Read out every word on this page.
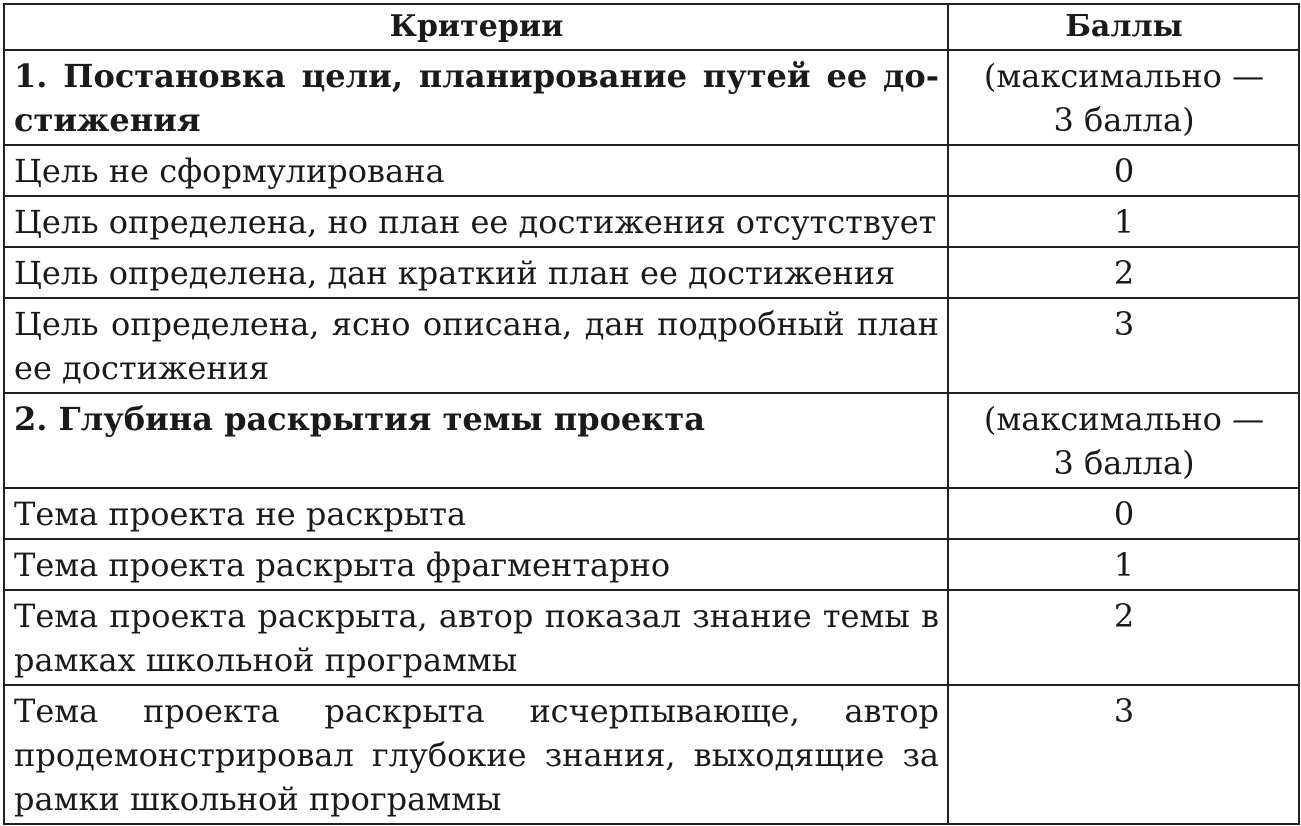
Критерии	Баллы
1. Постановка цели, планирование путей ее достижения	(максимально —
3 балла)

Цель не сформулирована	0
Цель определена, но план ее достижения отсутствует	1
Цель определена, дан краткий план ее достижения	2
Цель определена, ясно описана, дан подробный план ее достижения	3
2. Глубина раскрытия темы проекта	(максимально —
3 балла)

Тема проекта не раскрыта	0
Тема проекта раскрыта фрагментарно	1
Тема проекта раскрыта, автор показал знание темы в рамках школьной программы	2
Тема проекта раскрыта исчерпывающе, автор продемонстрировал глубокие знания, выходящие за рамки школьной программы	3
